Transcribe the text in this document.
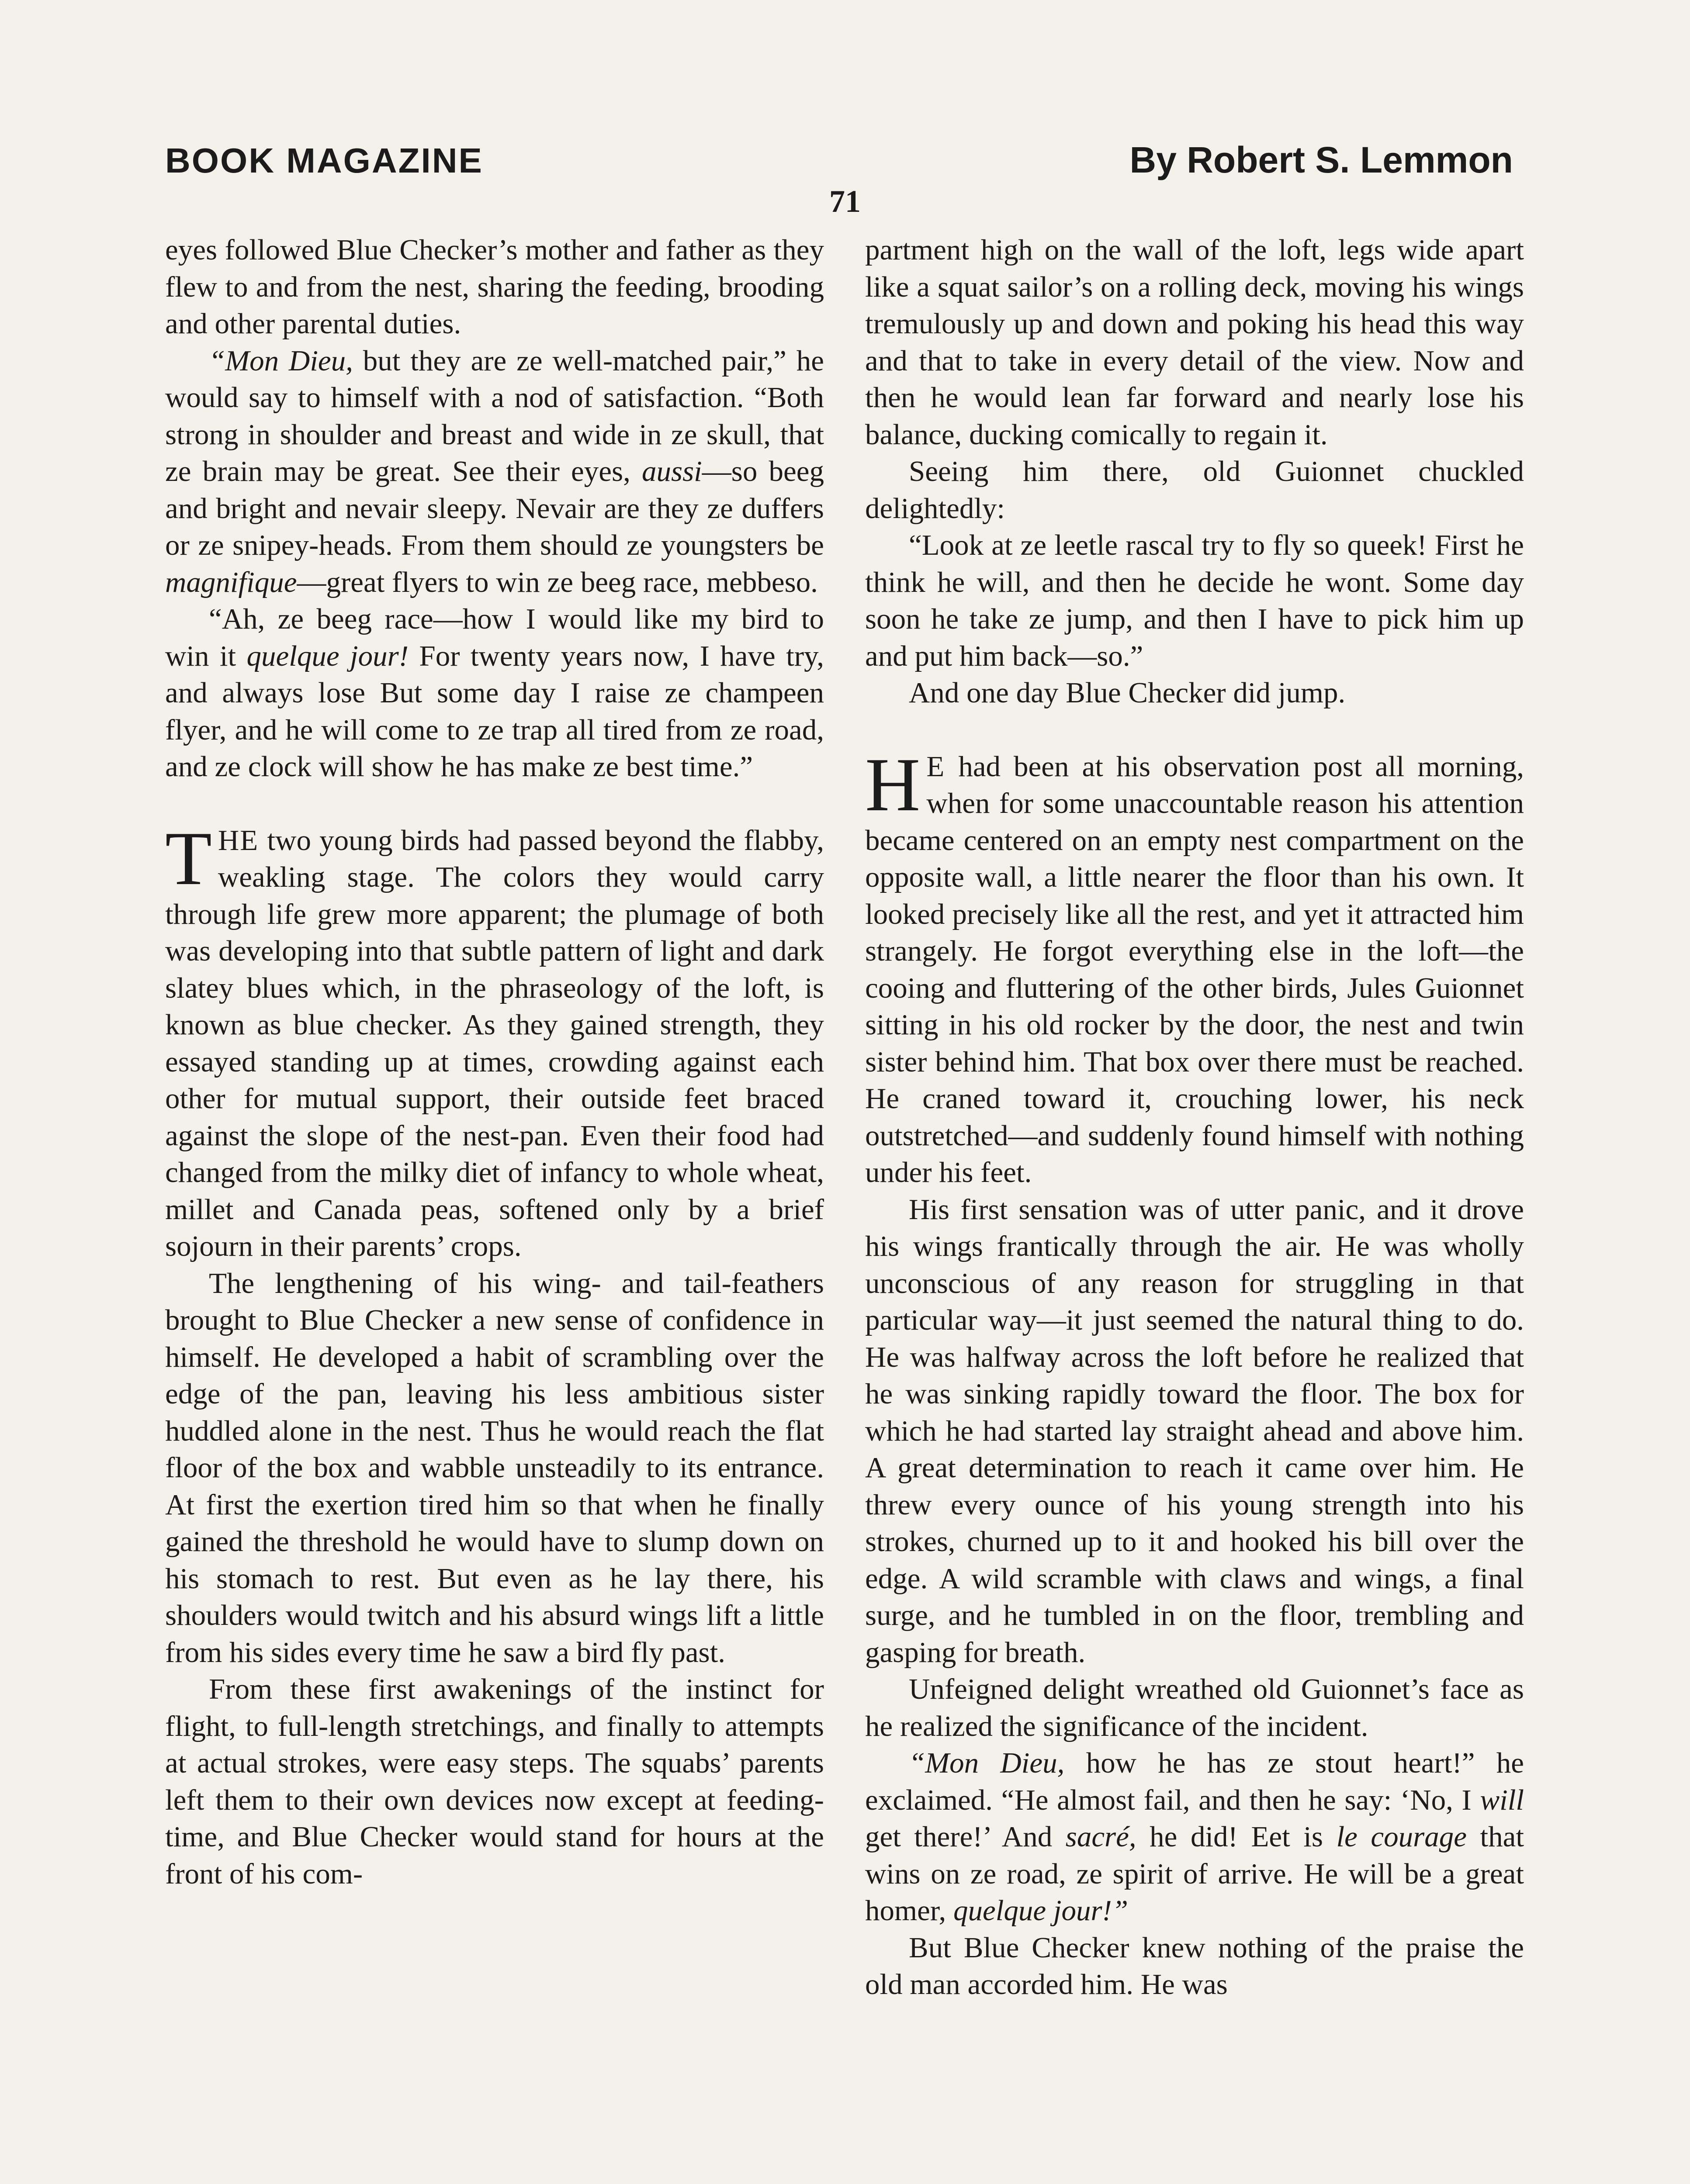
BOOK MAGAZINE	By Robert S. Lemmon
71

eyes followed Blue Checker’s mother and father as they flew to and from the nest, sharing the feeding, brooding and other parental duties.

“Mon Dieu, but they are ze well-matched pair,” he would say to himself with a nod of satisfaction. “Both strong in shoulder and breast and wide in ze skull, that ze brain may be great. See their eyes, aussi—so beeg and bright and nevair sleepy. Nevair are they ze duffers or ze snipey-heads. From them should ze youngsters be magnifique—great flyers to win ze beeg race, mebbeso.

“Ah, ze beeg race—how I would like my bird to win it quelque jour! For twenty years now, I have try, and always lose But some day I raise ze champeen flyer, and he will come to ze trap all tired from ze road, and ze clock will show he has make ze best time.”

THE two young birds had passed beyond the flabby, weakling stage. The colors they would carry through life grew more apparent; the plumage of both was developing into that subtle pattern of light and dark slatey blues which, in the phraseology of the loft, is known as blue checker. As they gained strength, they essayed standing up at times, crowding against each other for mutual support, their outside feet braced against the slope of the nest-pan. Even their food had changed from the milky diet of infancy to whole wheat, millet and Canada peas, softened only by a brief sojourn in their parents’ crops.

The lengthening of his wing- and tail-feathers brought to Blue Checker a new sense of confidence in himself. He developed a habit of scrambling over the edge of the pan, leaving his less ambitious sister huddled alone in the nest. Thus he would reach the flat floor of the box and wabble unsteadily to its entrance. At first the exertion tired him so that when he finally gained the threshold he would have to slump down on his stomach to rest. But even as he lay there, his shoulders would twitch and his absurd wings lift a little from his sides every time he saw a bird fly past.

From these first awakenings of the instinct for flight, to full-length stretchings, and finally to attempts at actual strokes, were easy steps. The squabs’ parents left them to their own devices now except at feeding-time, and Blue Checker would stand for hours at the front of his com-

partment high on the wall of the loft, legs wide apart like a squat sailor’s on a rolling deck, moving his wings tremulously up and down and poking his head this way and that to take in every detail of the view. Now and then he would lean far forward and nearly lose his balance, ducking comically to regain it.

Seeing him there, old Guionnet chuckled delightedly:

“Look at ze leetle rascal try to fly so queek! First he think he will, and then he decide he wont. Some day soon he take ze jump, and then I have to pick him up and put him back—so.”

And one day Blue Checker did jump.

H E had been at his observation post all morning, when for some unaccountable reason his attention became centered on an empty nest compartment on the opposite wall, a little nearer the floor than his own. It looked precisely like all the rest, and yet it attracted him strangely. He forgot everything else in the loft—the cooing and fluttering of the other birds, Jules Guionnet sitting in his old rocker by the door, the nest and twin sister behind him. That box over there must be reached. He craned toward it, crouching lower, his neck outstretched—and suddenly found himself with nothing under his feet.

His first sensation was of utter panic, and it drove his wings frantically through the air. He was wholly unconscious of any reason for struggling in that particular way—it just seemed the natural thing to do. He was halfway across the loft before he realized that he was sinking rapidly toward the floor. The box for which he had started lay straight ahead and above him. A great determination to reach it came over him. He threw every ounce of his young strength into his strokes, churned up to it and hooked his bill over the edge. A wild scramble with claws and wings, a final surge, and he tumbled in on the floor, trembling and gasping for breath.

Unfeigned delight wreathed old Guionnet’s face as he realized the significance of the incident.

“Mon Dieu, how he has ze stout heart!” he exclaimed. “He almost fail, and then he say: ‘No, I will get there!’ And sacré, he did! Eet is le courage that wins on ze road, ze spirit of arrive. He will be a great homer, quelque jour!”

But Blue Checker knew nothing of the praise the old man accorded him. He was
